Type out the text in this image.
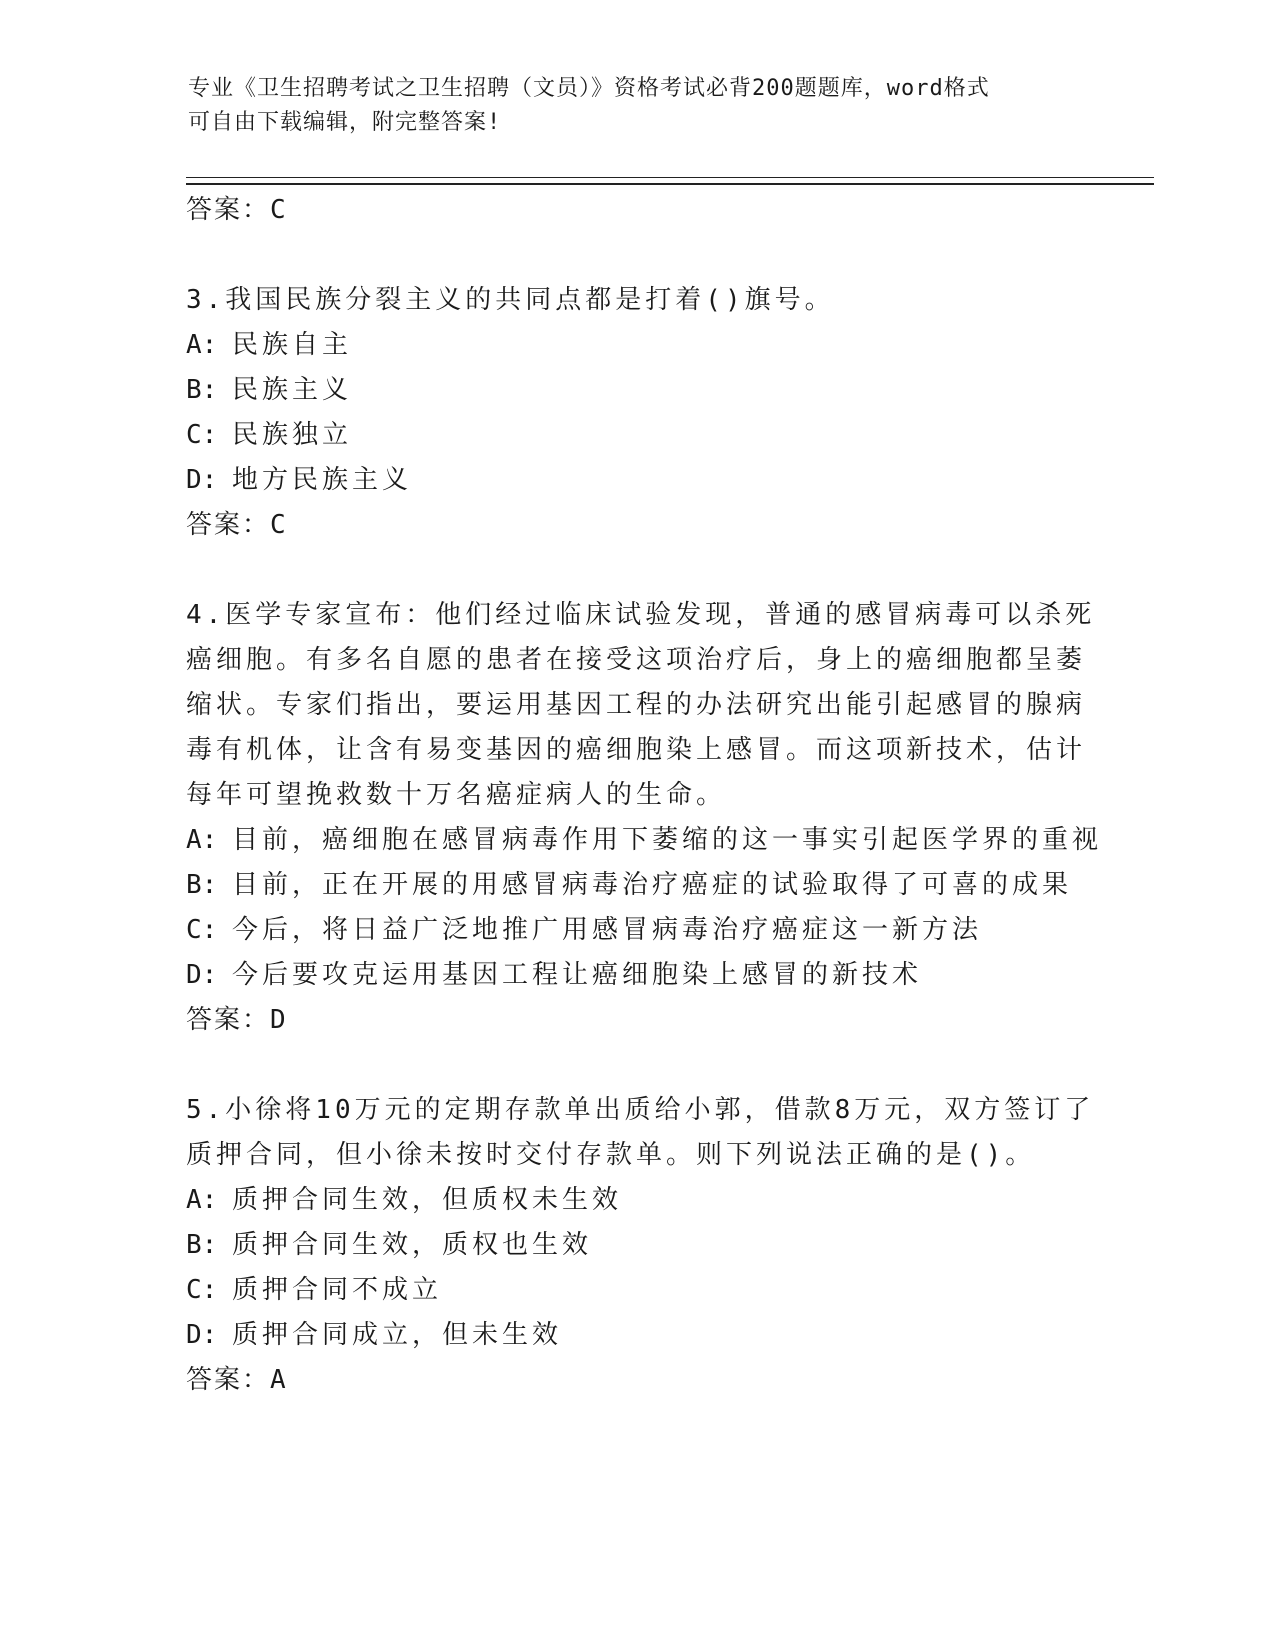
专业《卫生招聘考试之卫生招聘（文员）》资格考试必背200题题库，word格式
可自由下载编辑，附完整答案!
答案：C
3.我国民族分裂主义的共同点都是打着()旗号。
A: 民族自主
B: 民族主义
C: 民族独立
D: 地方民族主义
答案：C
4.医学专家宣布：他们经过临床试验发现，普通的感冒病毒可以杀死
癌细胞。有多名自愿的患者在接受这项治疗后，身上的癌细胞都呈萎
缩状。专家们指出，要运用基因工程的办法研究出能引起感冒的腺病
毒有机体，让含有易变基因的癌细胞染上感冒。而这项新技术，估计
每年可望挽救数十万名癌症病人的生命。
A: 目前，癌细胞在感冒病毒作用下萎缩的这一事实引起医学界的重视
B: 目前，正在开展的用感冒病毒治疗癌症的试验取得了可喜的成果
C: 今后，将日益广泛地推广用感冒病毒治疗癌症这一新方法
D: 今后要攻克运用基因工程让癌细胞染上感冒的新技术
答案：D
5.小徐将10万元的定期存款单出质给小郭，借款8万元，双方签订了
质押合同，但小徐未按时交付存款单。则下列说法正确的是()。
A: 质押合同生效，但质权未生效
B: 质押合同生效，质权也生效
C: 质押合同不成立
D: 质押合同成立，但未生效
答案：A
